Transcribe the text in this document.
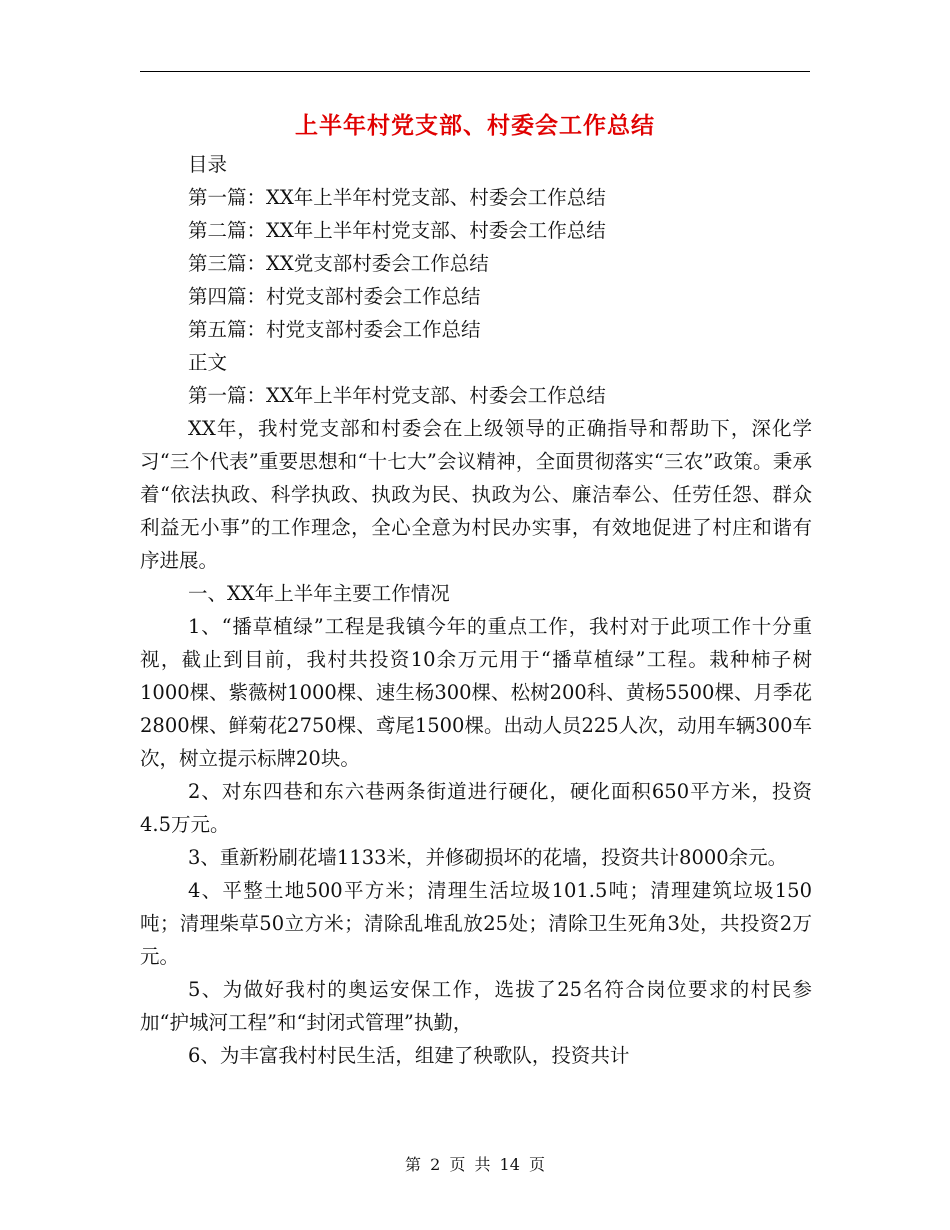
上半年村党支部、村委会工作总结

目录

第一篇：XX年上半年村党支部、村委会工作总结

第二篇：XX年上半年村党支部、村委会工作总结

第三篇：XX党支部村委会工作总结

第四篇：村党支部村委会工作总结

第五篇：村党支部村委会工作总结

正文

第一篇：XX年上半年村党支部、村委会工作总结

XX年，我村党支部和村委会在上级领导的正确指导和帮助下，深化学习“三个代表”重要思想和“十七大”会议精神，全面贯彻落实“三农”政策。秉承着“依法执政、科学执政、执政为民、执政为公、廉洁奉公、任劳任怨、群众利益无小事”的工作理念，全心全意为村民办实事，有效地促进了村庄和谐有序进展。

一、XX年上半年主要工作情况

1、“播草植绿”工程是我镇今年的重点工作，我村对于此项工作十分重视，截止到目前，我村共投资10余万元用于“播草植绿”工程。栽种柿子树1000棵、紫薇树1000棵、速生杨300棵、松树200科、黄杨5500棵、月季花2800棵、鲜菊花2750棵、鸢尾1500棵。出动人员225人次，动用车辆300车次，树立提示标牌20块。

2、对东四巷和东六巷两条街道进行硬化，硬化面积650平方米，投资4.5万元。

3、重新粉刷花墙1133米，并修砌损坏的花墙，投资共计8000余元。

4、平整土地500平方米；清理生活垃圾101.5吨；清理建筑垃圾150吨；清理柴草50立方米；清除乱堆乱放25处；清除卫生死角3处，共投资2万元。

5、为做好我村的奥运安保工作，选拔了25名符合岗位要求的村民参加“护城河工程”和“封闭式管理”执勤，

6、为丰富我村村民生活，组建了秧歌队，投资共计

第 2 页 共 14 页
